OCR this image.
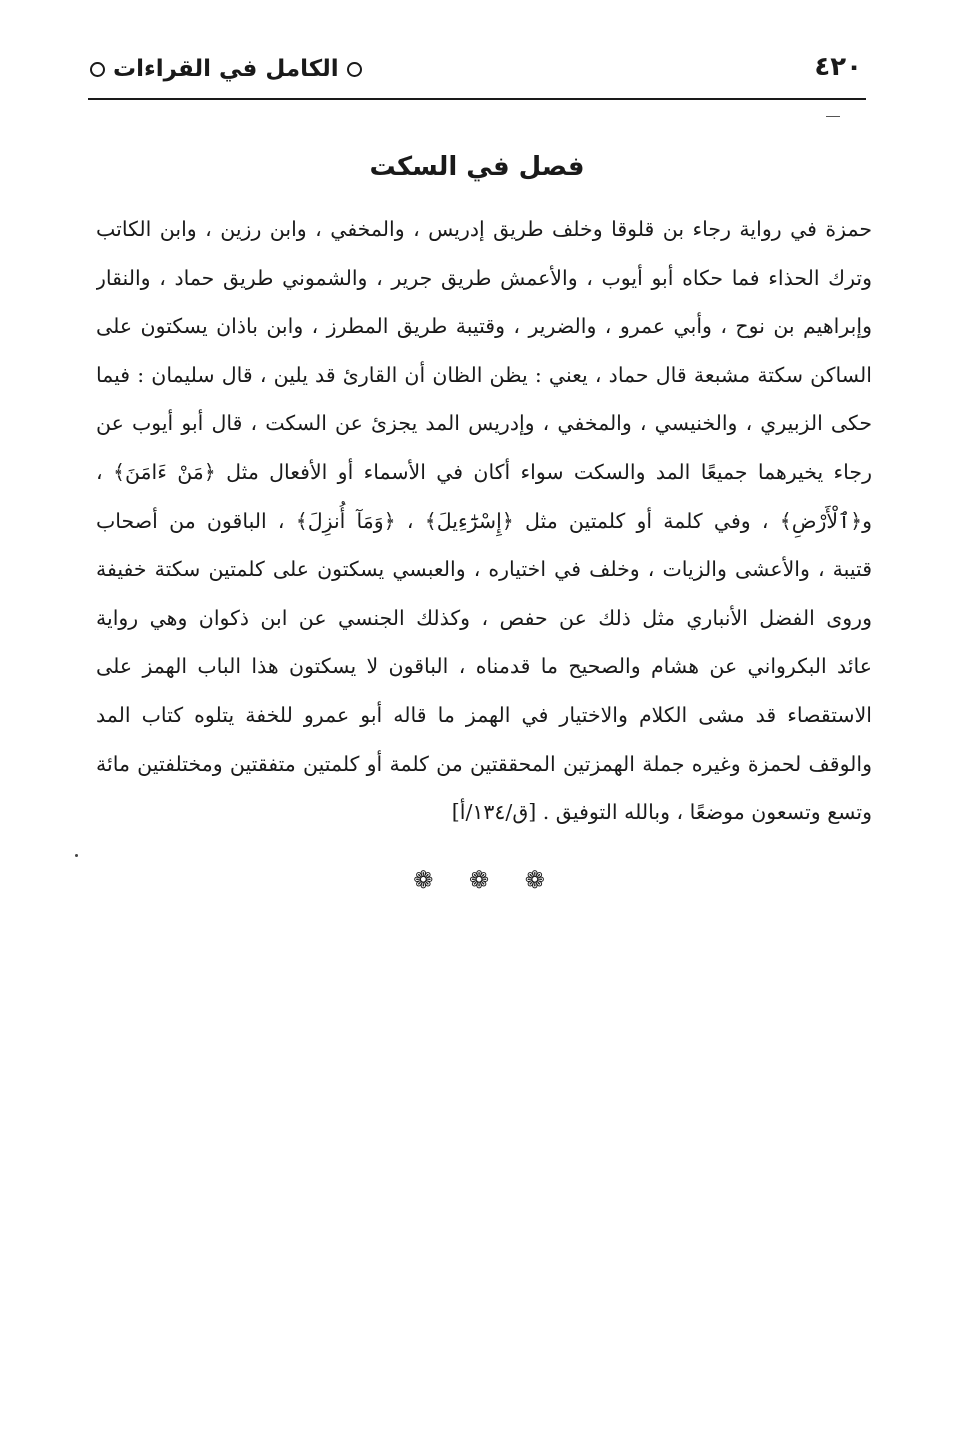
٤٢٠
الكامل في القراءات
فصل في السكت
حمزة في رواية رجاء بن قلوقا وخلف طريق إدريس ، والمخفي ، وابن رزين ، وابن الكاتب
وترك الحذاء فما حكاه أبو أيوب ، والأعمش طريق جرير ، والشموني طريق حماد ، والنقار
وإبراهيم بن نوح ، وأبي عمرو ، والضرير ، وقتيبة طريق المطرز ، وابن باذان يسكتون على
الساكن سكتة مشبعة قال حماد ، يعني : يظن الظان أن القارئ قد يلين ، قال سليمان : فيما
حكى الزبيري ، والخنيسي ، والمخفي ، وإدريس المد يجزئ عن السكت ، قال أبو أيوب عن
رجاء يخيرهما جميعًا المد والسكت سواء أكان في الأسماء أو الأفعال مثل ﴿مَنْ ءَامَنَ﴾ ،
و﴿ٱلْأَرْضِ﴾ ، وفي كلمة أو كلمتين مثل ﴿إِسْرَٰٓءِيلَ﴾ ، ﴿وَمَآ أُنزِلَ﴾ ، الباقون من أصحاب
قتيبة ، والأعشى والزيات ، وخلف في اختياره ، والعبسي يسكتون على كلمتين سكتة خفيفة
وروى الفضل الأنباري مثل ذلك عن حفص ، وكذلك الجنسي عن ابن ذكوان وهي رواية
عائد البكرواني عن هشام والصحيح ما قدمناه ، الباقون لا يسكتون هذا الباب الهمز على
الاستقصاء قد مشى الكلام والاختيار في الهمز ما قاله أبو عمرو للخفة يتلوه كتاب المد
والوقف لحمزة وغيره جملة الهمزتين المحققتين من كلمة أو كلمتين متفقتين ومختلفتين مائة
وتسع وتسعون موضعًا ، وبالله التوفيق . [ق/١٣٤/أ]
❁ ❁ ❁
